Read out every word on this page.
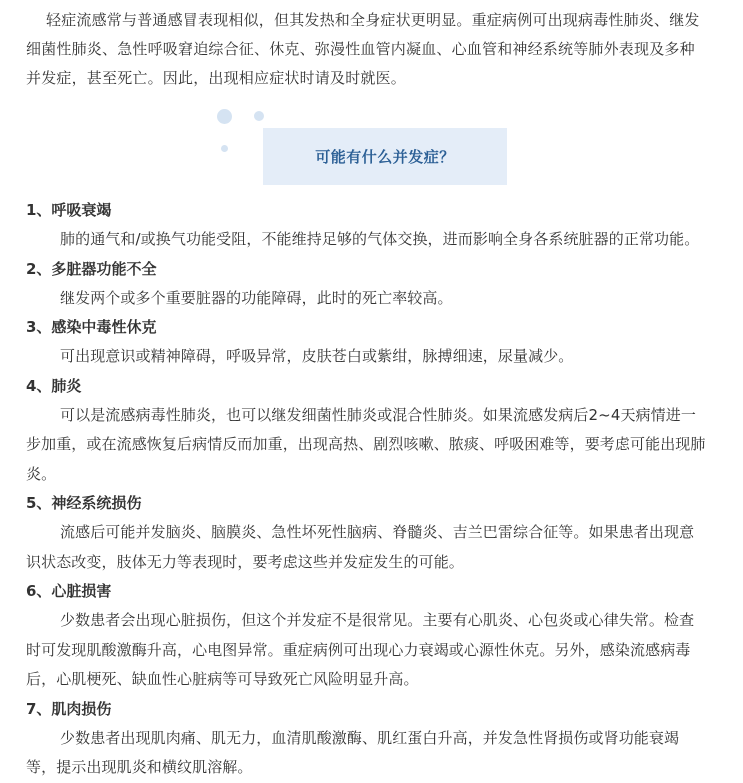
轻症流感常与普通感冒表现相似，但其发热和全身症状更明显。重症病例可出现病毒性肺炎、继发细菌性肺炎、急性呼吸窘迫综合征、休克、弥漫性血管内凝血、心血管和神经系统等肺外表现及多种并发症，甚至死亡。因此，出现相应症状时请及时就医。

可能有什么并发症？

1、呼吸衰竭

肺的通气和/或换气功能受阻，不能维持足够的气体交换，进而影响全身各系统脏器的正常功能。

2、多脏器功能不全

继发两个或多个重要脏器的功能障碍，此时的死亡率较高。

3、感染中毒性休克

可出现意识或精神障碍，呼吸异常，皮肤苍白或紫绀，脉搏细速，尿量减少。

4、肺炎

可以是流感病毒性肺炎，也可以继发细菌性肺炎或混合性肺炎。如果流感发病后2~4天病情进一步加重，或在流感恢复后病情反而加重，出现高热、剧烈咳嗽、脓痰、呼吸困难等，要考虑可能出现肺炎。

5、神经系统损伤

流感后可能并发脑炎、脑膜炎、急性坏死性脑病、脊髓炎、吉兰巴雷综合征等。如果患者出现意识状态改变，肢体无力等表现时，要考虑这些并发症发生的可能。

6、心脏损害

少数患者会出现心脏损伤，但这个并发症不是很常见。主要有心肌炎、心包炎或心律失常。检查时可发现肌酸激酶升高，心电图异常。重症病例可出现心力衰竭或心源性休克。另外，感染流感病毒后，心肌梗死、缺血性心脏病等可导致死亡风险明显升高。

7、肌肉损伤

少数患者出现肌肉痛、肌无力，血清肌酸激酶、肌红蛋白升高，并发急性肾损伤或肾功能衰竭等，提示出现肌炎和横纹肌溶解。
